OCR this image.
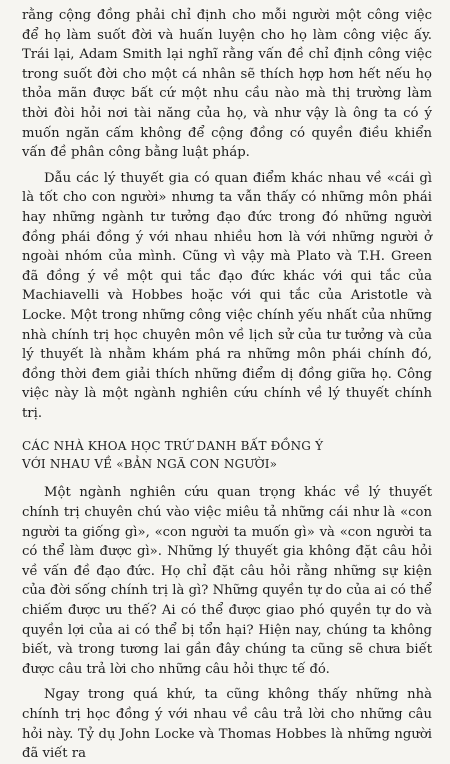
rằng cộng đồng phải chỉ định cho mỗi người một công việc để họ làm suốt đời và huấn luyện cho họ làm công việc ấy. Trái lại, Adam Smith lại nghĩ rằng vấn đề chỉ định công việc trong suốt đời cho một cá nhân sẽ thích hợp hơn hết nếu họ thỏa mãn được bất cứ một nhu cầu nào mà thị trường làm thời đòi hỏi nơi tài năng của họ, và như vậy là ông ta có ý muốn ngăn cấm không để cộng đồng có quyền điều khiển vấn đề phân công bằng luật pháp.

Dẫu các lý thuyết gia có quan điểm khác nhau về «cái gì là tốt cho con người» nhưng ta vẫn thấy có những môn phái hay những ngành tư tưởng đạo đức trong đó những người đồng phái đồng ý với nhau nhiều hơn là với những người ở ngoài nhóm của mình. Cũng vì vậy mà Plato và T.H. Green đã đồng ý về một qui tắc đạo đức khác với qui tắc của Machiavelli và Hobbes hoặc với qui tắc của Aristotle và Locke. Một trong những công việc chính yếu nhất của những nhà chính trị học chuyên môn về lịch sử của tư tưởng và của lý thuyết là nhằm khám phá ra những môn phái chính đó, đồng thời đem giải thích những điểm dị đồng giữa họ. Công việc này là một ngành nghiên cứu chính về lý thuyết chính trị.

CÁC NHÀ KHOA HỌC TRỨ DANH BẤT ĐỒNG Ý
VỚI NHAU VỀ «BẢN NGÃ CON NGƯỜI»

Một ngành nghiên cứu quan trọng khác về lý thuyết chính trị chuyên chú vào việc miêu tả những cái như là «con người ta giống gì», «con người ta muốn gì» và «con người ta có thể làm được gì». Những lý thuyết gia không đặt câu hỏi về vấn đề đạo đức. Họ chỉ đặt câu hỏi rằng những sự kiện của đời sống chính trị là gì? Những quyền tự do của ai có thể chiếm được ưu thế? Ai có thể được giao phó quyền tự do và quyền lợi của ai có thể bị tổn hại? Hiện nay, chúng ta không biết, và trong tương lai gần đây chúng ta cũng sẽ chưa biết được câu trả lời cho những câu hỏi thực tế đó.

Ngay trong quá khứ, ta cũng không thấy những nhà chính trị học đồng ý với nhau về câu trả lời cho những câu hỏi này. Tỷ dụ John Locke và Thomas Hobbes là những người đã viết ra
